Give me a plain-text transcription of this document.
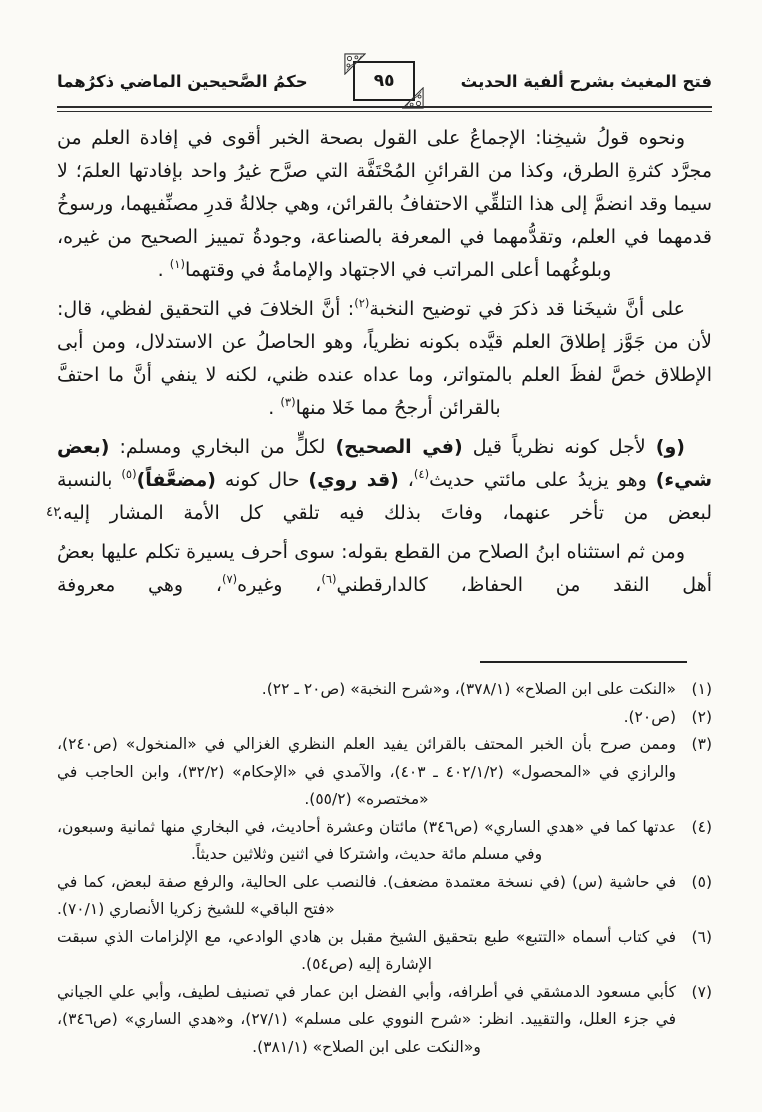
فتح المغيث بشرح ألفية الحديث
٩٥
حكمُ الصَّحيحين الماضي ذكرُهما

ونحوه قولُ شيخِنا: الإجماعُ على القول بصحة الخبر أقوى في إفادة العلم من مجرَّد كثرةِ الطرق، وكذا من القرائنِ المُحْتَفَّة التي صرَّح غيرُ واحد بإفادتها العلمَ؛ لا سيما وقد انضمَّ إلى هذا التلقِّي الاحتفافُ بالقرائن، وهي جلالةُ قدرِ مصنِّفيهما، ورسوخُ قدمهما في العلم، وتقدُّمهما في المعرفة بالصناعة، وجودةُ تمييز الصحيح من غيره، وبلوغُهما أعلى المراتب في الاجتهاد والإمامةُ في وقتهما$^{(١)}$ .

على أنَّ شيخَنا قد ذكرَ في توضيح النخبة$^{(٢)}$: أنَّ الخلافَ في التحقيق لفظي، قال: لأن من جَوَّز إطلاقَ العلم قيَّده بكونه نظرياً، وهو الحاصلُ عن الاستدلال، ومن أبى الإطلاق خصَّ لفظَ العلم بالمتواتر، وما عداه عنده ظني، لكنه لا ينفي أنَّ ما احتفَّ بالقرائن أرجحُ مما خَلا منها$^{(٣)}$ .

(و) لأجل كونه نظرياً قيل (في الصحيح) لكلٍّ من البخاري ومسلم: (بعض شيء) وهو يزيدُ على مائتي حديث$^{(٤)}$، (قد روي) حال كونه (مضعَّفاً)$^{(٥)}$ بالنسبة لبعض من تأخر عنهما، وفاتَ بذلك فيه تلقي كل الأمة المشار إليه.

ومن ثم استثناه ابنُ الصلاح من القطع بقوله: سوى أحرف يسيرة تكلم عليها بعضُ أهل النقد من الحفاظ، كالدارقطني$^{(٦)}$، وغيره$^{(٧)}$، وهي معروفة

٤٢
(١)
«النكت على ابن الصلاح» (٣٧٨/١)، و«شرح النخبة» (ص٢٠ ـ ٢٢).
(٢)
(ص٢٠).
(٣)
وممن صرح بأن الخبر المحتف بالقرائن يفيد العلم النظري الغزالي في «المنخول» (ص٢٤٠)، والرازي في «المحصول» (٤٠٢/١/٢ ـ ٤٠٣)، والآمدي في «الإحكام» (٣٢/٢)، وابن الحاجب في «مختصره» (٥٥/٢).
(٤)
عدتها كما في «هدي الساري» (ص٣٤٦) مائتان وعشرة أحاديث، في البخاري منها ثمانية وسبعون، وفي مسلم مائة حديث، واشتركا في اثنين وثلاثين حديثاً.
(٥)
في حاشية (س) (في نسخة معتمدة مضعف). فالنصب على الحالية، والرفع صفة لبعض، كما في «فتح الباقي» للشيخ زكريا الأنصاري (٧٠/١).
(٦)
في كتاب أسماه «التتبع» طبع بتحقيق الشيخ مقبل بن هادي الوادعي، مع الإلزامات الذي سبقت الإشارة إليه (ص٥٤).
(٧)
كأبي مسعود الدمشقي في أطرافه، وأبي الفضل ابن عمار في تصنيف لطيف، وأبي علي الجياني في جزء العلل، والتقييد. انظر: «شرح النووي على مسلم» (٢٧/١)، و«هدي الساري» (ص٣٤٦)، و«النكت على ابن الصلاح» (٣٨١/١).
